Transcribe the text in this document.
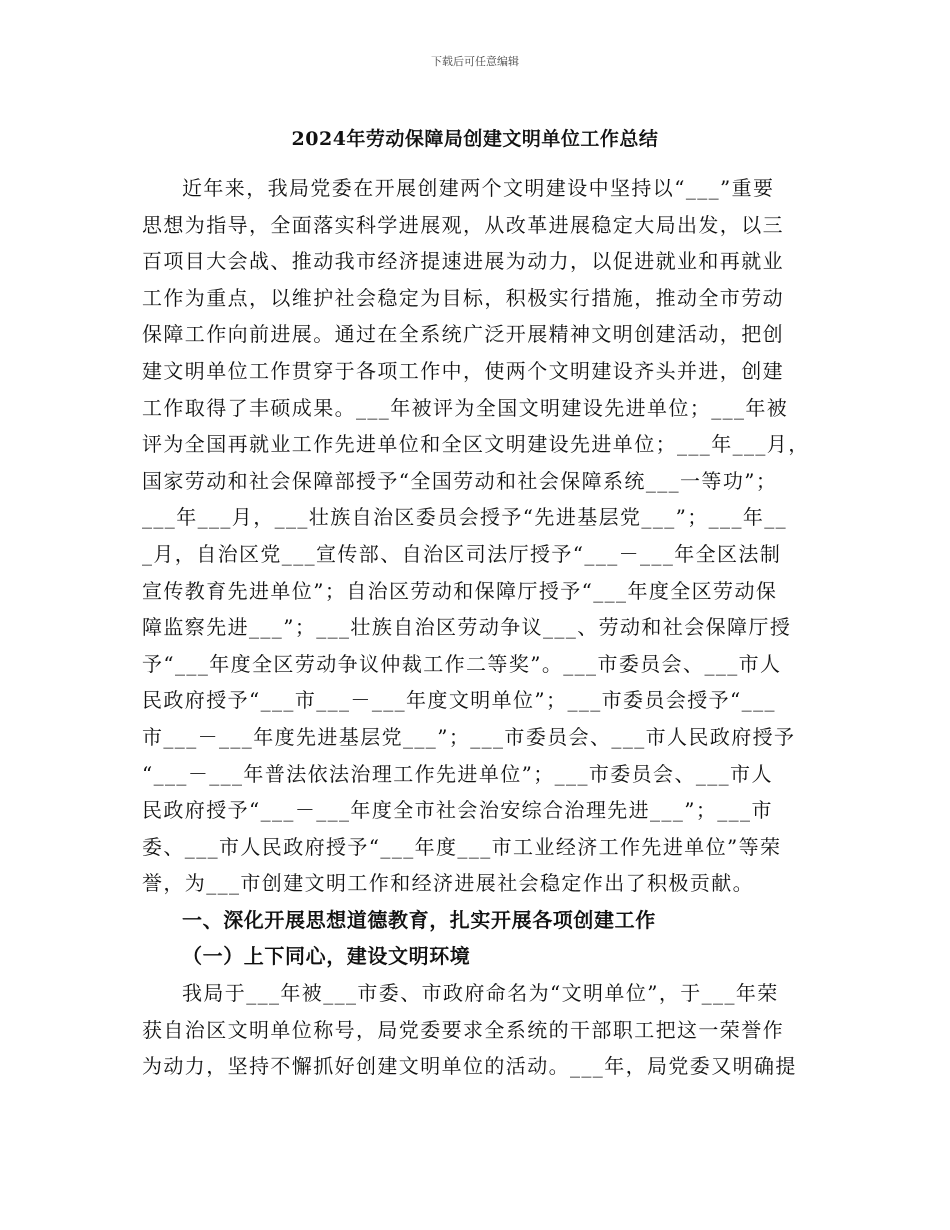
下载后可任意编辑
2024年劳动保障局创建文明单位工作总结
近年来，我局党委在开展创建两个文明建设中坚持以“___”重要
思想为指导，全面落实科学进展观，从改革进展稳定大局出发，以三
百项目大会战、推动我市经济提速进展为动力，以促进就业和再就业
工作为重点，以维护社会稳定为目标，积极实行措施，推动全市劳动
保障工作向前进展。通过在全系统广泛开展精神文明创建活动，把创
建文明单位工作贯穿于各项工作中，使两个文明建设齐头并进，创建
工作取得了丰硕成果。___年被评为全国文明建设先进单位；___年被
评为全国再就业工作先进单位和全区文明建设先进单位；___年___月，
国家劳动和社会保障部授予“全国劳动和社会保障系统___一等功”；
___年___月，___壮族自治区委员会授予“先进基层党___”；___年__
_月，自治区党___宣传部、自治区司法厅授予“___－___年全区法制
宣传教育先进单位”；自治区劳动和保障厅授予“___年度全区劳动保
障监察先进___”；___壮族自治区劳动争议___、劳动和社会保障厅授
予“___年度全区劳动争议仲裁工作二等奖”。___市委员会、___市人
民政府授予“___市___－___年度文明单位”；___市委员会授予“___
市___－___年度先进基层党___”；___市委员会、___市人民政府授予
“___－___年普法依法治理工作先进单位”；___市委员会、___市人
民政府授予“___－___年度全市社会治安综合治理先进___”；___市
委、___市人民政府授予“___年度___市工业经济工作先进单位”等荣
誉，为___市创建文明工作和经济进展社会稳定作出了积极贡献。
一、深化开展思想道德教育，扎实开展各项创建工作
（一）上下同心，建设文明环境
我局于___年被___市委、市政府命名为“文明单位”，于___年荣
获自治区文明单位称号，局党委要求全系统的干部职工把这一荣誉作
为动力，坚持不懈抓好创建文明单位的活动。___年，局党委又明确提
